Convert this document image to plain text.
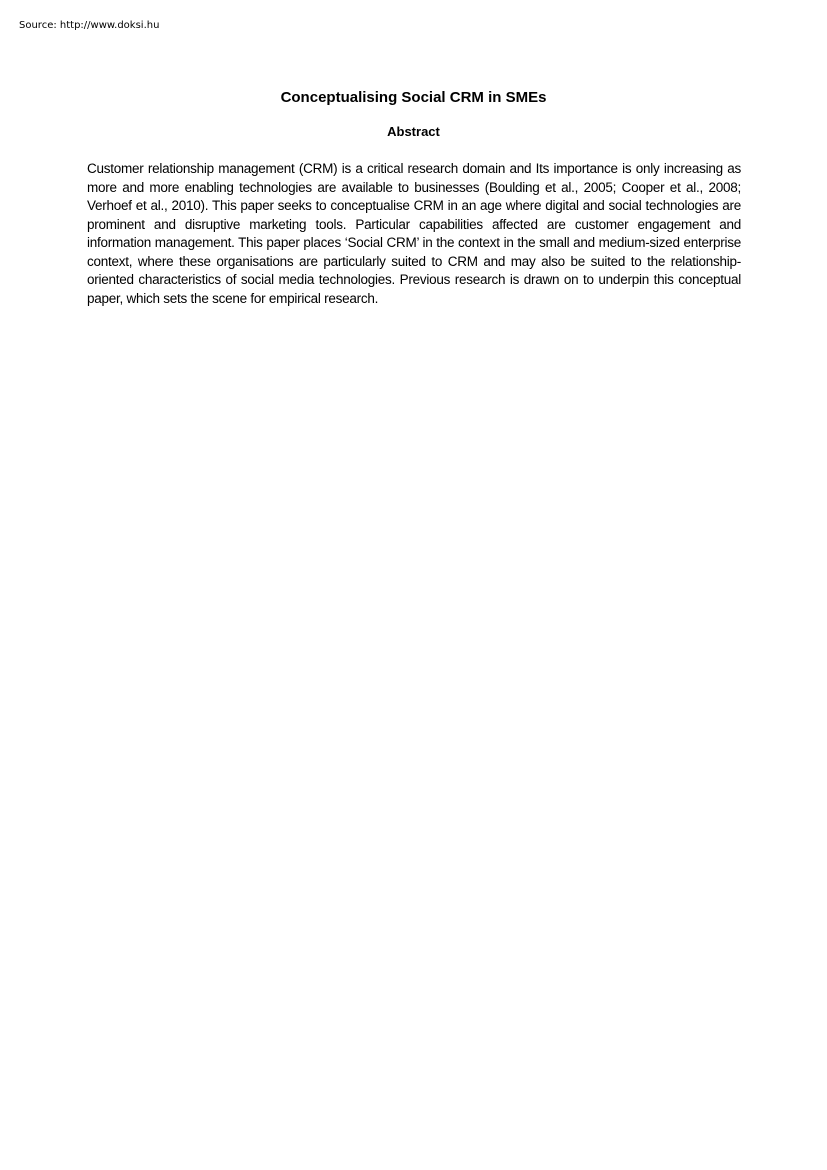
Source: http://www.doksi.hu
Conceptualising Social CRM in SMEs
Abstract

Customer relationship management (CRM) is a critical research domain and Its importance is only increasing as more and more enabling technologies are available to businesses (Boulding et al., 2005; Cooper et al., 2008; Verhoef et al., 2010). This paper seeks to conceptualise CRM in an age where digital and social technologies are prominent and disruptive marketing tools. Particular capabilities affected are customer engagement and information management. This paper places ‘Social CRM’ in the context in the small and medium-sized enterprise context, where these organisations are particularly suited to CRM and may also be suited to the relationship-oriented characteristics of social media technologies. Previous research is drawn on to underpin this conceptual paper, which sets the scene for empirical research.
